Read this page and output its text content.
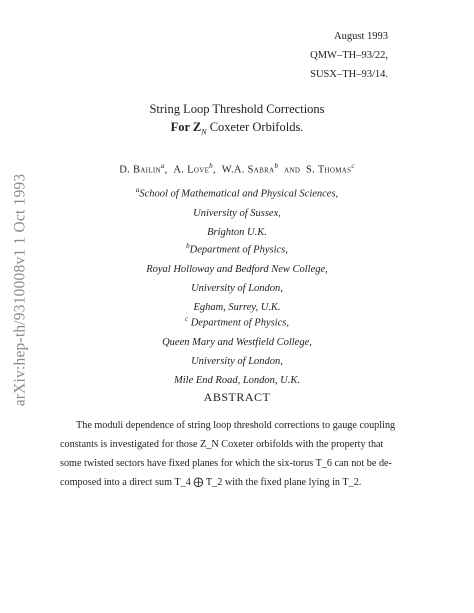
arXiv:hep-th/9310008v1 1 Oct 1993
August 1993
QMW–TH–93/22,
SUSX–TH–93/14.
String Loop Threshold Corrections
For $Z_N$ Coxeter Orbifolds.
D. Bailin$^a$,  A. Love$^b$,  W.A. Sabra$^b$  and  S. Thomas$^c$
$^a$School of Mathematical and Physical Sciences,
University of Sussex,
Brighton U.K.
$^b$Department of Physics,
Royal Holloway and Bedford New College,
University of London,
Egham, Surrey, U.K.
$^c$ Department of Physics,
Queen Mary and Westfield College,
University of London,
Mile End Road, London, U.K.
ABSTRACT
The moduli dependence of string loop threshold corrections to gauge coupling
constants is investigated for those Z_N Coxeter orbifolds with the property that
some twisted sectors have fixed planes for which the six-torus T_6 can not be de-
composed into a direct sum T_4 ⨁ T_2 with the fixed plane lying in T_2.
